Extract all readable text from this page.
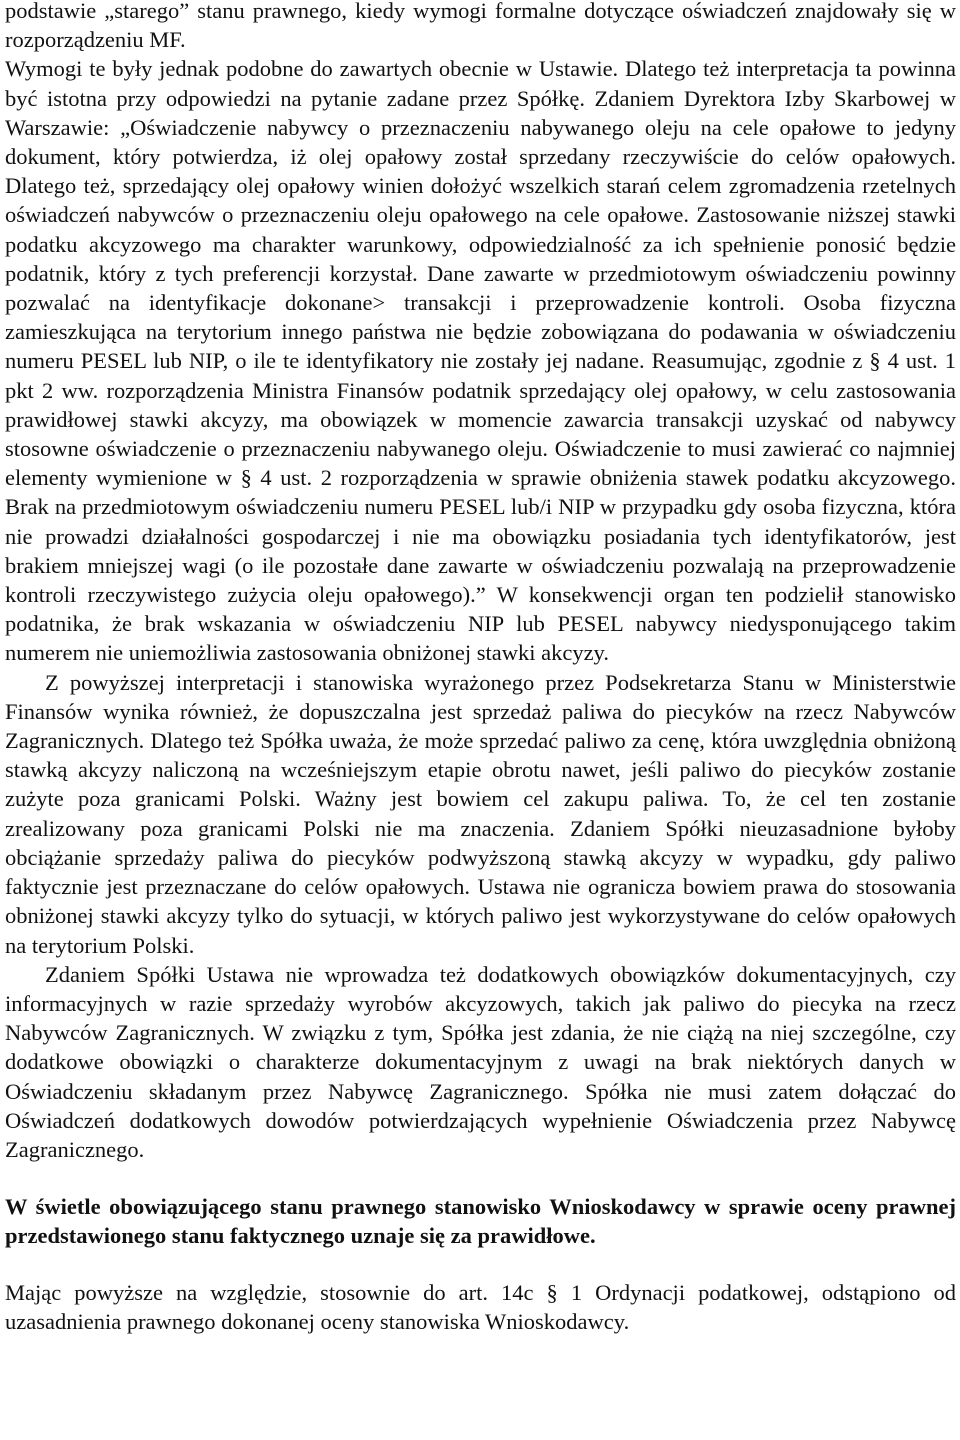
podstawie „starego” stanu prawnego, kiedy wymogi formalne dotyczące oświadczeń znajdowały się w rozporządzeniu MF.

Wymogi te były jednak podobne do zawartych obecnie w Ustawie. Dlatego też interpretacja ta powinna być istotna przy odpowiedzi na pytanie zadane przez Spółkę. Zdaniem Dyrektora Izby Skarbowej w Warszawie: „Oświadczenie nabywcy o przeznaczeniu nabywanego oleju na cele opałowe to jedyny dokument, który potwierdza, iż olej opałowy został sprzedany rzeczywiście do celów opałowych. Dlatego też, sprzedający olej opałowy winien dołożyć wszelkich starań celem zgromadzenia rzetelnych oświadczeń nabywców o przeznaczeniu oleju opałowego na cele opałowe. Zastosowanie niższej stawki podatku akcyzowego ma charakter warunkowy, odpowiedzialność za ich spełnienie ponosić będzie podatnik, który z tych preferencji korzystał. Dane zawarte w przedmiotowym oświadczeniu powinny pozwalać na identyfikacje dokonane> transakcji i przeprowadzenie kontroli. Osoba fizyczna zamieszkująca na terytorium innego państwa nie będzie zobowiązana do podawania w oświadczeniu numeru PESEL lub NIP, o ile te identyfikatory nie zostały jej nadane. Reasumując, zgodnie z § 4 ust. 1 pkt 2 ww. rozporządzenia Ministra Finansów podatnik sprzedający olej opałowy, w celu zastosowania prawidłowej stawki akcyzy, ma obowiązek w momencie zawarcia transakcji uzyskać od nabywcy stosowne oświadczenie o przeznaczeniu nabywanego oleju. Oświadczenie to musi zawierać co najmniej elementy wymienione w § 4 ust. 2 rozporządzenia w sprawie obniżenia stawek podatku akcyzowego. Brak na przedmiotowym oświadczeniu numeru PESEL lub/i NIP w przypadku gdy osoba fizyczna, która nie prowadzi działalności gospodarczej i nie ma obowiązku posiadania tych identyfikatorów, jest brakiem mniejszej wagi (o ile pozostałe dane zawarte w oświadczeniu pozwalają na przeprowadzenie kontroli rzeczywistego zużycia oleju opałowego).” W konsekwencji organ ten podzielił stanowisko podatnika, że brak wskazania w oświadczeniu NIP lub PESEL nabywcy niedysponującego takim numerem nie uniemożliwia zastosowania obniżonej stawki akcyzy.

Z powyższej interpretacji i stanowiska wyrażonego przez Podsekretarza Stanu w Ministerstwie Finansów wynika również, że dopuszczalna jest sprzedaż paliwa do piecyków na rzecz Nabywców Zagranicznych. Dlatego też Spółka uważa, że może sprzedać paliwo za cenę, która uwzględnia obniżoną stawką akcyzy naliczoną na wcześniejszym etapie obrotu nawet, jeśli paliwo do piecyków zostanie zużyte poza granicami Polski. Ważny jest bowiem cel zakupu paliwa. To, że cel ten zostanie zrealizowany poza granicami Polski nie ma znaczenia. Zdaniem Spółki nieuzasadnione byłoby obciążanie sprzedaży paliwa do piecyków podwyższoną stawką akcyzy w wypadku, gdy paliwo faktycznie jest przeznaczane do celów opałowych. Ustawa nie ogranicza bowiem prawa do stosowania obniżonej stawki akcyzy tylko do sytuacji, w których paliwo jest wykorzystywane do celów opałowych na terytorium Polski.

Zdaniem Spółki Ustawa nie wprowadza też dodatkowych obowiązków dokumentacyjnych, czy informacyjnych w razie sprzedaży wyrobów akcyzowych, takich jak paliwo do piecyka na rzecz Nabywców Zagranicznych. W związku z tym, Spółka jest zdania, że nie ciążą na niej szczególne, czy dodatkowe obowiązki o charakterze dokumentacyjnym z uwagi na brak niektórych danych w Oświadczeniu składanym przez Nabywcę Zagranicznego. Spółka nie musi zatem dołączać do Oświadczeń dodatkowych dowodów potwierdzających wypełnienie Oświadczenia przez Nabywcę Zagranicznego.

W świetle obowiązującego stanu prawnego stanowisko Wnioskodawcy w sprawie oceny prawnej przedstawionego stanu faktycznego uznaje się za prawidłowe.

Mając powyższe na względzie, stosownie do art. 14c § 1 Ordynacji podatkowej, odstąpiono od uzasadnienia prawnego dokonanej oceny stanowiska Wnioskodawcy.
